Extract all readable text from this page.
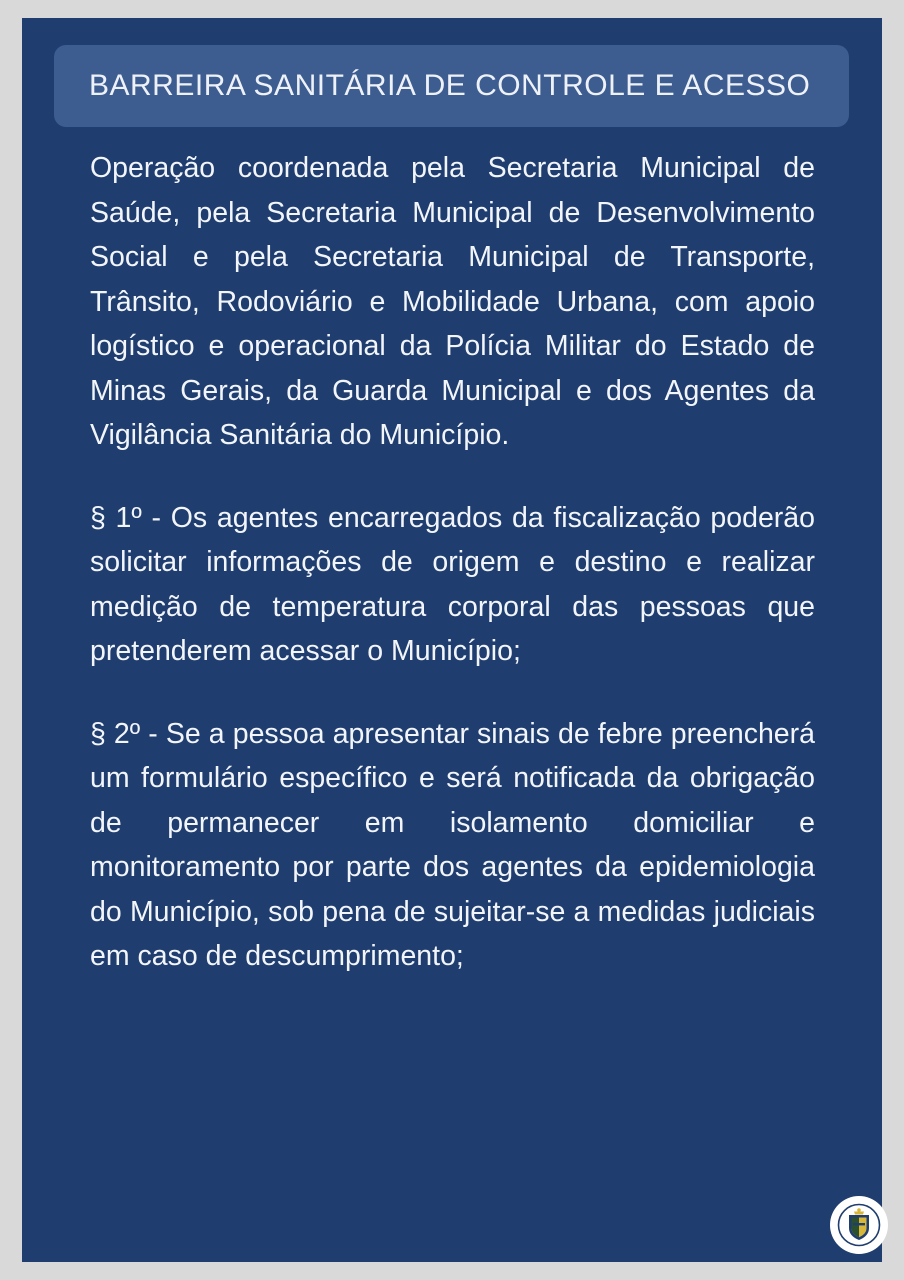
BARREIRA SANITÁRIA DE CONTROLE E ACESSO

Operação coordenada pela Secretaria Municipal de Saúde, pela Secretaria Municipal de Desenvolvimento Social e pela Secretaria Municipal de Transporte, Trânsito, Rodoviário e Mobilidade Urbana, com apoio logístico e operacional da Polícia Militar do Estado de Minas Gerais, da Guarda Municipal e dos Agentes da Vigilância Sanitária do Município.

§ 1º - Os agentes encarregados da fiscalização poderão solicitar informações de origem e destino e realizar medição de temperatura corporal das pessoas que pretenderem acessar o Município;

§ 2º - Se a pessoa apresentar sinais de febre preencherá um formulário específico e será notificada da obrigação de permanecer em isolamento domiciliar e monitoramento por parte dos agentes da epidemiologia do Município, sob pena de sujeitar-se a medidas judiciais em caso de descumprimento;
